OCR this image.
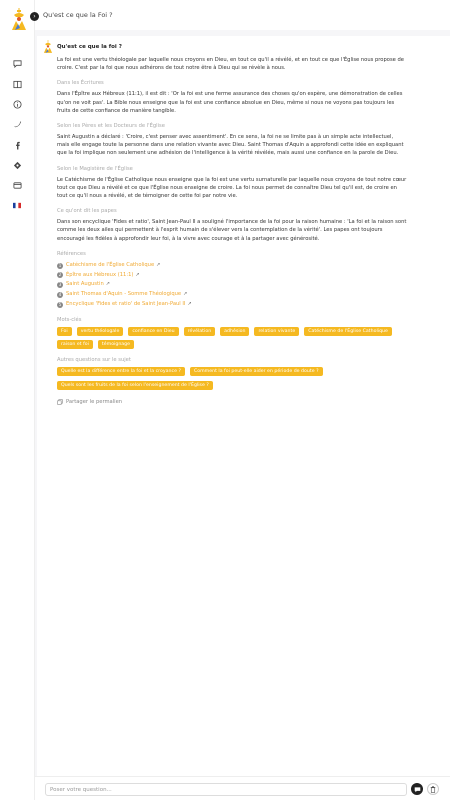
›	Qu'est ce que la Foi ?
Qu'est ce que la foi ?
La foi est une vertu théologale par laquelle nous croyons en Dieu, en tout ce qu'il a révélé, et en tout ce que l'Église nous propose de croire. C'est par la foi que nous adhérons de tout notre être à Dieu qui se révèle à nous.
Dans les Écritures
Dans l'Épître aux Hébreux (11:1), il est dit : 'Or la foi est une ferme assurance des choses qu'on espère, une démonstration de celles qu'on ne voit pas'. La Bible nous enseigne que la foi est une confiance absolue en Dieu, même si nous ne voyons pas toujours les fruits de cette confiance de manière tangible.
Selon les Pères et les Docteurs de l'Église
Saint Augustin a déclaré : 'Croire, c'est penser avec assentiment'. En ce sens, la foi ne se limite pas à un simple acte intellectuel, mais elle engage toute la personne dans une relation vivante avec Dieu. Saint Thomas d'Aquin a approfondi cette idée en expliquant que la foi implique non seulement une adhésion de l'intelligence à la vérité révélée, mais aussi une confiance en la parole de Dieu.
Selon le Magistère de l'Église
Le Catéchisme de l'Église Catholique nous enseigne que la foi est une vertu surnaturelle par laquelle nous croyons de tout notre cœur tout ce que Dieu a révélé et ce que l'Église nous enseigne de croire. La foi nous permet de connaître Dieu tel qu'il est, de croire en tout ce qu'il nous a révélé, et de témoigner de cette foi par notre vie.
Ce qu'ont dit les papes
Dans son encyclique 'Fides et ratio', Saint Jean-Paul II a souligné l'importance de la foi pour la raison humaine : 'La foi et la raison sont comme les deux ailes qui permettent à l'esprit humain de s'élever vers la contemplation de la vérité'. Les papes ont toujours encouragé les fidèles à approfondir leur foi, à la vivre avec courage et à la partager avec générosité.
Références
1 Catéchisme de l'Église Catholique ↗
2 Épître aux Hébreux (11:1) ↗
3 Saint Augustin ↗
4 Saint Thomas d'Aquin - Somme Théologique ↗
5 Encyclique 'Fides et ratio' de Saint Jean-Paul II ↗
Mots-clés
Foi	vertu théologale	confiance en Dieu	révélation	adhésion	relation vivante	Catéchisme de l'Église Catholique
raison et foi	témoignage
Autres questions sur le sujet
Quelle est la différence entre la foi et la croyance ?	Comment la foi peut-elle aider en période de doute ?
Quels sont les fruits de la foi selon l'enseignement de l'Église ?
Partager le permalien
Poser votre question...
